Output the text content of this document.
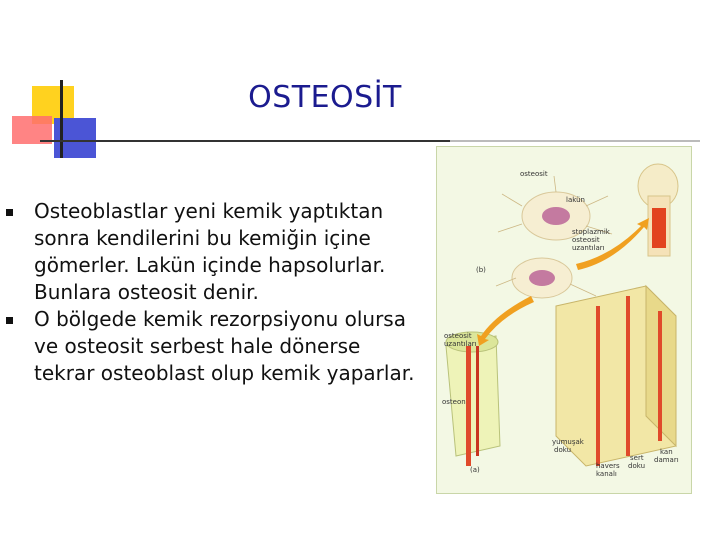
OSTEOSİT
Osteoblastlar yeni kemik yaptıktan sonra kendilerini bu kemiğin içine gömerler. Lakün içinde hapsolurlar. Bunlara osteosit denir.
O bölgede kemik rezorpsiyonu olursa ve osteosit serbest hale dönerse tekrar osteoblast olup kemik yaparlar.
osteosit
lakün
stoplazmik
osteosit
uzantıları
(b)
osteosit
uzantıları
osteon
yumuşak
doku	kan
damarı
sert
doku
havers
kanalı
(a)
